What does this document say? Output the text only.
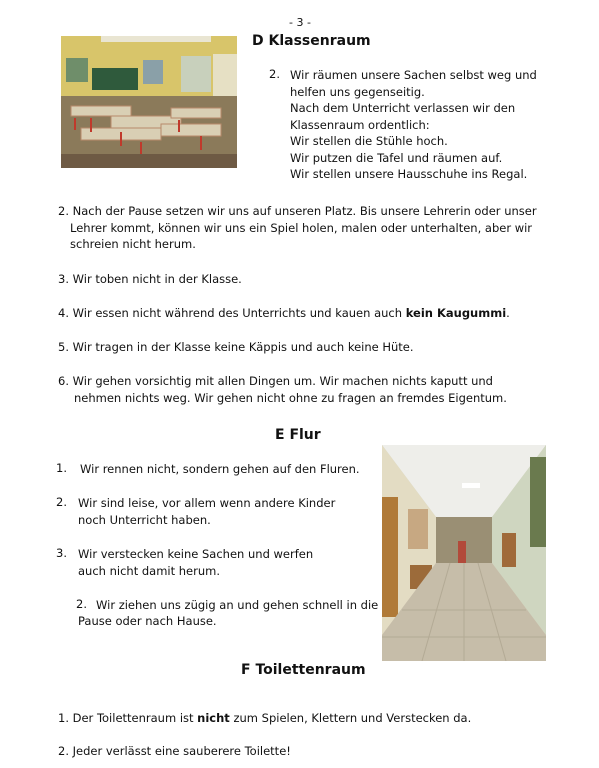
- 3 -
D Klassenraum
2. Wir räumen unsere Sachen selbst weg und

helfen uns gegenseitig.

Nach dem Unterricht verlassen wir den

Klassenraum ordentlich:

Wir stellen die Stühle hoch.

Wir putzen die Tafel und räumen auf.

Wir stellen unsere Hausschuhe ins Regal.

2. Nach der Pause setzen wir uns auf unseren Platz. Bis unsere Lehrerin oder unser

Lehrer kommt, können wir uns ein Spiel holen, malen oder unterhalten, aber wir

schreien nicht herum.

3. Wir toben nicht in der Klasse.

4. Wir essen nicht während des Unterrichts und kauen auch kein Kaugummi.

5. Wir tragen in der Klasse keine Käppis und auch keine Hüte.

6. Wir gehen vorsichtig mit allen Dingen um. Wir machen nichts kaputt und

nehmen nichts weg. Wir gehen nicht ohne zu fragen an fremdes Eigentum.

E Flur
1. Wir rennen nicht, sondern gehen auf den Fluren.

2. Wir sind leise, vor allem wenn andere Kinder

noch Unterricht haben.

3. Wir verstecken keine Sachen und werfen

auch nicht damit herum.

2. Wir ziehen uns zügig an und gehen schnell in die

Pause oder nach Hause.

F Toilettenraum

1. Der Toilettenraum ist nicht zum Spielen, Klettern und Verstecken da.

2. Jeder verlässt eine sauberere Toilette!
